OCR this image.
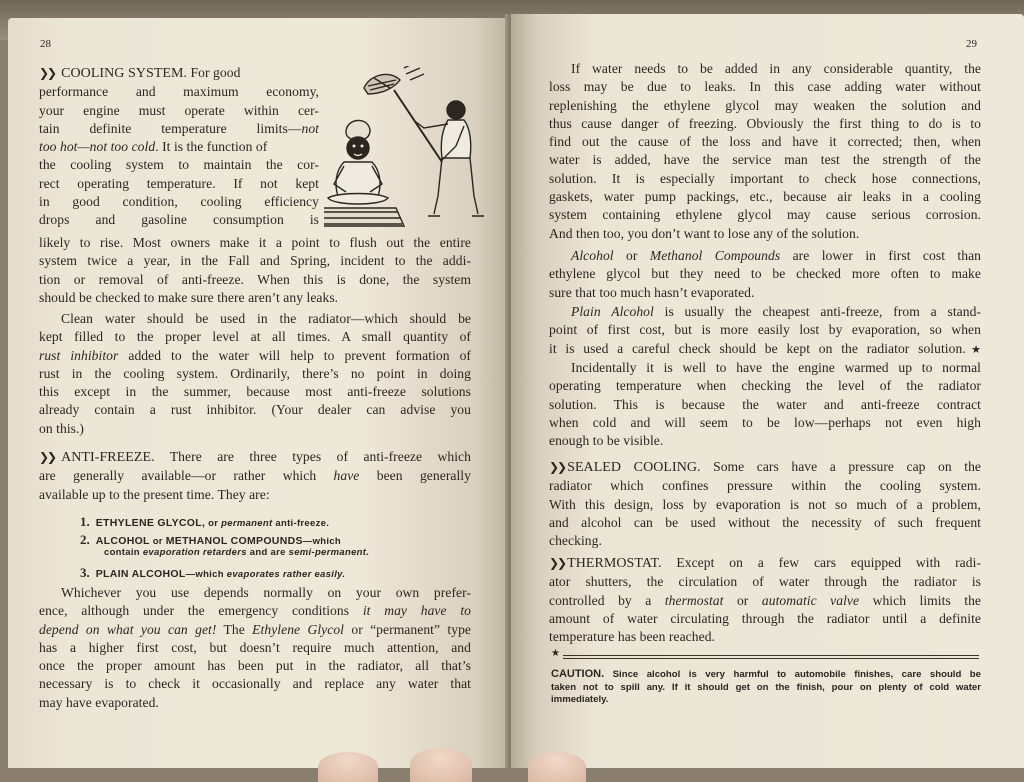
28
❯❯ COOLING SYSTEM. For good
performance and maximum economy,
your engine must operate within cer-
tain definite temperature limits—not
too hot—not too cold. It is the function of
the cooling system to maintain the cor-
rect operating temperature. If not kept
in good condition, cooling efficiency
drops and gasoline consumption is
likely to rise. Most owners make it a point to flush out the entire
system twice a year, in the Fall and Spring, incident to the addi-
tion or removal of anti-freeze. When this is done, the system
should be checked to make sure there aren’t any leaks.
Clean water should be used in the radiator—which should be
kept filled to the proper level at all times. A small quantity of
rust inhibitor added to the water will help to prevent formation of
rust in the cooling system. Ordinarily, there’s no point in doing
this except in the summer, because most anti-freeze solutions
already contain a rust inhibitor. (Your dealer can advise you
on this.)
❯❯ ANTI-FREEZE. There are three types of anti-freeze which
are generally available—or rather which have been generally
available up to the present time. They are:
1. ETHYLENE GLYCOL, or permanent anti-freeze.
2. ALCOHOL or METHANOL COMPOUNDS—which
contain evaporation retarders and are semi-permanent.
3. PLAIN ALCOHOL—which evaporates rather easily.
Whichever you use depends normally on your own prefer-
ence, although under the emergency conditions it may have to
depend on what you can get! The Ethylene Glycol or “permanent” type
has a higher first cost, but doesn’t require much attention, and
once the proper amount has been put in the radiator, all that’s
necessary is to check it occasionally and replace any water that
may have evaporated.
29
If water needs to be added in any considerable quantity, the
loss may be due to leaks. In this case adding water without
replenishing the ethylene glycol may weaken the solution and
thus cause danger of freezing. Obviously the first thing to do is to
find out the cause of the loss and have it corrected; then, when
water is added, have the service man test the strength of the
solution. It is especially important to check hose connections,
gaskets, water pump packings, etc., because air leaks in a cooling
system containing ethylene glycol may cause serious corrosion.
And then too, you don’t want to lose any of the solution.
Alcohol or Methanol Compounds are lower in first cost than
ethylene glycol but they need to be checked more often to make
sure that too much hasn’t evaporated.
Plain Alcohol is usually the cheapest anti-freeze, from a stand-
point of first cost, but is more easily lost by evaporation, so when
it is used a careful check should be kept on the radiator solution.★
Incidentally it is well to have the engine warmed up to normal
operating temperature when checking the level of the radiator
solution. This is because the water and anti-freeze contract
when cold and will seem to be low—perhaps not even high
enough to be visible.
❯❯ SEALED COOLING. Some cars have a pressure cap on the
radiator which confines pressure within the cooling system.
With this design, loss by evaporation is not so much of a problem,
and alcohol can be used without the necessity of such frequent
checking.
❯❯ THERMOSTAT. Except on a few cars equipped with radi-
ator shutters, the circulation of water through the radiator is
controlled by a thermostat or automatic valve which limits the
amount of water circulating through the radiator until a definite
temperature has been reached.
★
CAUTION. Since alcohol is very harmful to automobile finishes, care should be
taken not to spill any. If it should get on the finish, pour on plenty of cold water
immediately.
